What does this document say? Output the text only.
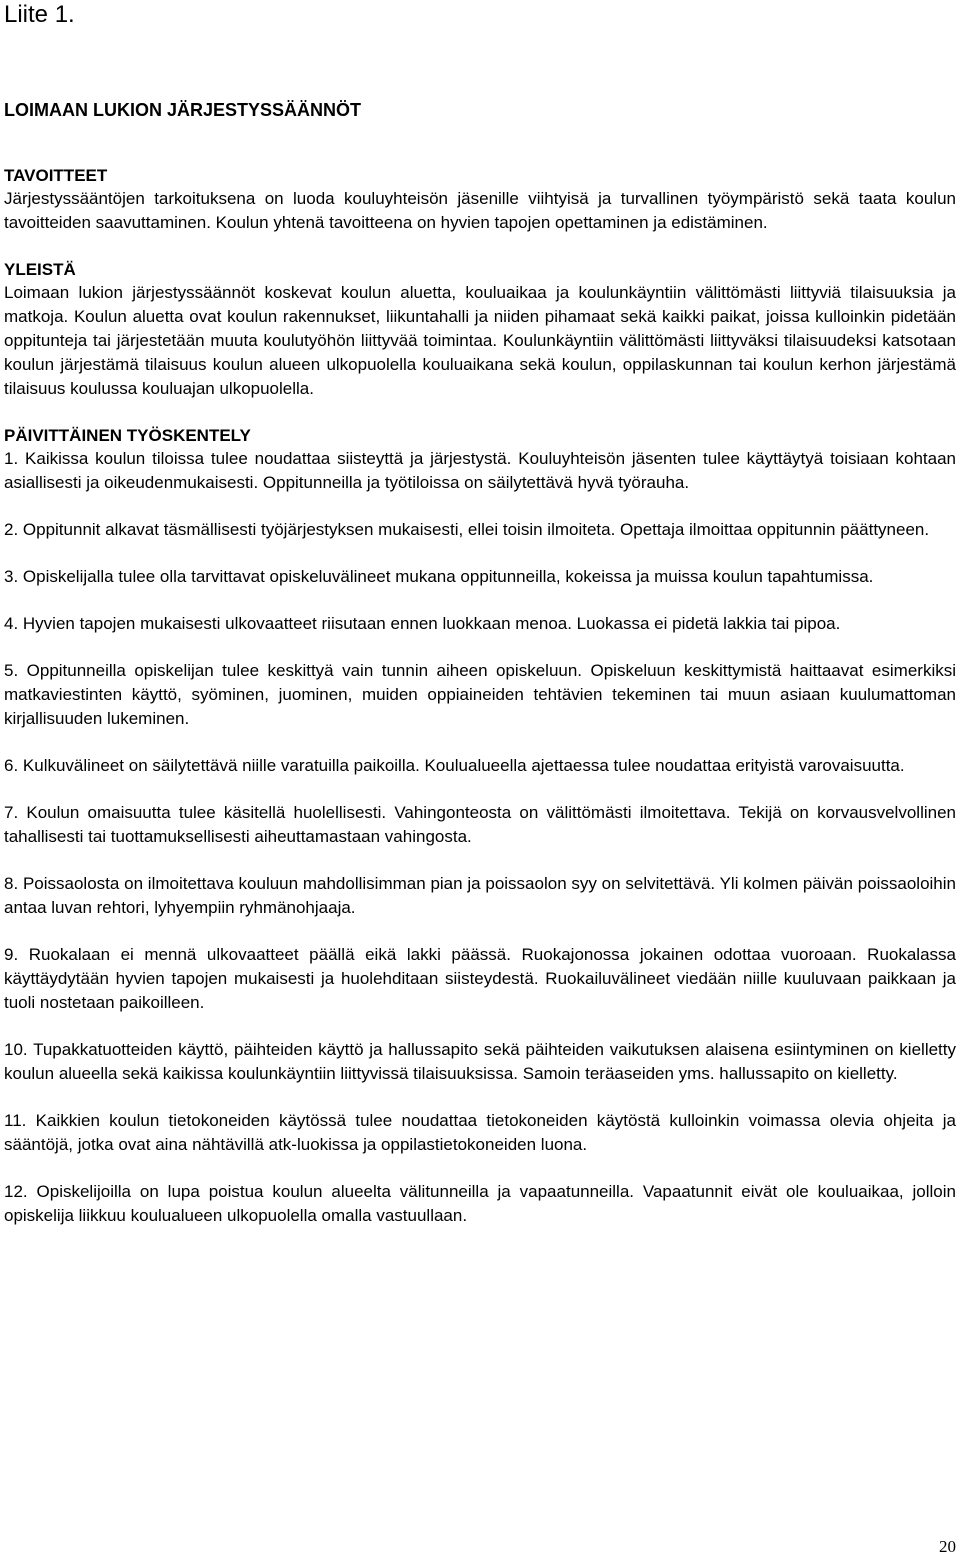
Liite 1.

LOIMAAN LUKION JÄRJESTYSSÄÄNNÖT
TAVOITTEET

Järjestyssääntöjen tarkoituksena on luoda kouluyhteisön jäsenille viihtyisä ja turvallinen työympäristö sekä taata koulun tavoitteiden saavuttaminen. Koulun yhtenä tavoitteena on hyvien tapojen opettaminen ja edistäminen.

YLEISTÄ

Loimaan lukion järjestyssäännöt koskevat koulun aluetta, kouluaikaa ja koulunkäyntiin välittömästi liittyviä tilaisuuksia ja matkoja. Koulun aluetta ovat koulun rakennukset, liikuntahalli ja niiden pihamaat sekä kaikki paikat, joissa kulloinkin pidetään oppitunteja tai järjestetään muuta koulutyöhön liittyvää toimintaa. Koulunkäyntiin välittömästi liittyväksi tilaisuudeksi katsotaan koulun järjestämä tilaisuus koulun alueen ulkopuolella kouluaikana sekä koulun, oppilaskunnan tai koulun kerhon järjestämä tilaisuus koulussa kouluajan ulkopuolella.

PÄIVITTÄINEN TYÖSKENTELY

1. Kaikissa koulun tiloissa tulee noudattaa siisteyttä ja järjestystä. Kouluyhteisön jäsenten tulee käyttäytyä toisiaan kohtaan asiallisesti ja oikeudenmukaisesti. Oppitunneilla ja työtiloissa on säilytettävä hyvä työrauha.

2. Oppitunnit alkavat täsmällisesti työjärjestyksen mukaisesti, ellei toisin ilmoiteta. Opettaja ilmoittaa oppitunnin päättyneen.

3. Opiskelijalla tulee olla tarvittavat opiskeluvälineet mukana oppitunneilla, kokeissa ja muissa koulun tapahtumissa.

4. Hyvien tapojen mukaisesti ulkovaatteet riisutaan ennen luokkaan menoa. Luokassa ei pidetä lakkia tai pipoa.

5. Oppitunneilla opiskelijan tulee keskittyä vain tunnin aiheen opiskeluun. Opiskeluun keskittymistä haittaavat esimerkiksi matkaviestinten käyttö, syöminen, juominen, muiden oppiaineiden tehtävien tekeminen tai muun asiaan kuulumattoman kirjallisuuden lukeminen.

6. Kulkuvälineet on säilytettävä niille varatuilla paikoilla. Koulualueella ajettaessa tulee noudattaa erityistä varovaisuutta.

7. Koulun omaisuutta tulee käsitellä huolellisesti. Vahingonteosta on välittömästi ilmoitettava. Tekijä on korvausvelvollinen tahallisesti tai tuottamuksellisesti aiheuttamastaan vahingosta.

8. Poissaolosta on ilmoitettava kouluun mahdollisimman pian ja poissaolon syy on selvitettävä. Yli kolmen päivän poissaoloihin antaa luvan rehtori, lyhyempiin ryhmänohjaaja.

9. Ruokalaan ei mennä ulkovaatteet päällä eikä lakki päässä. Ruokajonossa jokainen odottaa vuoroaan. Ruokalassa käyttäydytään hyvien tapojen mukaisesti ja huolehditaan siisteydestä. Ruokailuvälineet viedään niille kuuluvaan paikkaan ja tuoli nostetaan paikoilleen.

10. Tupakkatuotteiden käyttö, päihteiden käyttö ja hallussapito sekä päihteiden vaikutuksen alaisena esiintyminen on kielletty koulun alueella sekä kaikissa koulunkäyntiin liittyvissä tilaisuuksissa. Samoin teräaseiden yms. hallussapito on kielletty.

11. Kaikkien koulun tietokoneiden käytössä tulee noudattaa tietokoneiden käytöstä kulloinkin voimassa olevia ohjeita ja sääntöjä, jotka ovat aina nähtävillä atk-luokissa ja oppilastietokoneiden luona.

12. Opiskelijoilla on lupa poistua koulun alueelta välitunneilla ja vapaatunneilla. Vapaatunnit eivät ole kouluaikaa, jolloin opiskelija liikkuu koulualueen ulkopuolella omalla vastuullaan.

20
